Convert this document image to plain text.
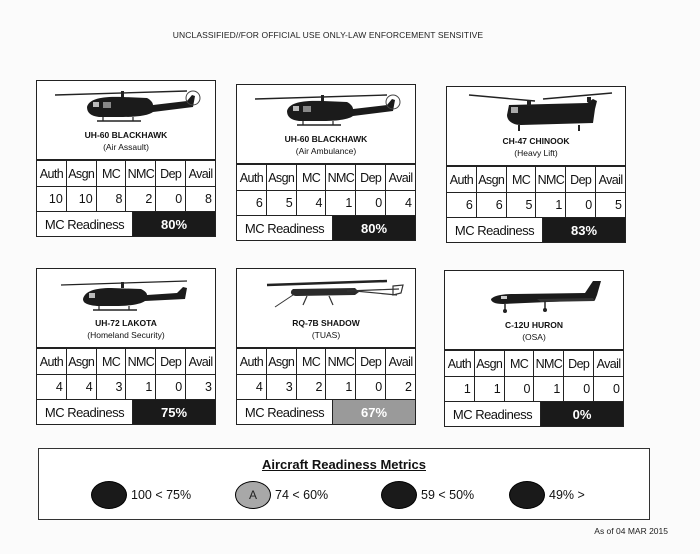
UNCLASSIFIED//FOR OFFICIAL USE ONLY-LAW ENFORCEMENT SENSITIVE
UH-60 BLACKHAWK
(Air Assault)
Auth	Asgn	MC	NMC	Dep	Avail
10	10	8	2	0	8
MC Readiness	80%
UH-60 BLACKHAWK
(Air Ambulance)
Auth	Asgn	MC	NMC	Dep	Avail
6	5	4	1	0	4
MC Readiness	80%
CH-47 CHINOOK
(Heavy Lift)
Auth	Asgn	MC	NMC	Dep	Avail
6	6	5	1	0	5
MC Readiness	83%
UH-72 LAKOTA
(Homeland Security)
Auth	Asgn	MC	NMC	Dep	Avail
4	4	3	1	0	3
MC Readiness	75%
RQ-7B SHADOW
(TUAS)
Auth	Asgn	MC	NMC	Dep	Avail
4	3	2	1	0	2
MC Readiness	67%
C-12U HURON
(OSA)
Auth	Asgn	MC	NMC	Dep	Avail
1	1	0	1	0	0
MC Readiness	0%
Aircraft Readiness Metrics
100 < 75%	A	74 < 60%	59 < 50%	49% >
As of 04 MAR 2015
